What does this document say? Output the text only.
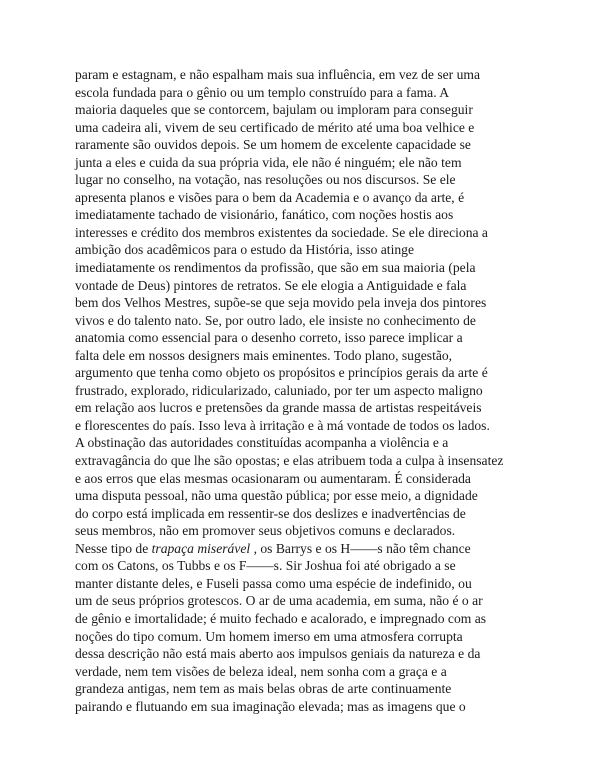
param e estagnam, e não espalham mais sua influência, em vez de ser uma
escola fundada para o gênio ou um templo construído para a fama. A
maioria daqueles que se contorcem, bajulam ou imploram para conseguir
uma cadeira ali, vivem de seu certificado de mérito até uma boa velhice e
raramente são ouvidos depois. Se um homem de excelente capacidade se
junta a eles e cuida da sua própria vida, ele não é ninguém; ele não tem
lugar no conselho, na votação, nas resoluções ou nos discursos. Se ele
apresenta planos e visões para o bem da Academia e o avanço da arte, é
imediatamente tachado de visionário, fanático, com noções hostis aos
interesses e crédito dos membros existentes da sociedade. Se ele direciona a
ambição dos acadêmicos para o estudo da História, isso atinge
imediatamente os rendimentos da profissão, que são em sua maioria (pela
vontade de Deus) pintores de retratos. Se ele elogia a Antiguidade e fala
bem dos Velhos Mestres, supõe-se que seja movido pela inveja dos pintores
vivos e do talento nato. Se, por outro lado, ele insiste no conhecimento de
anatomia como essencial para o desenho correto, isso parece implicar a
falta dele em nossos designers mais eminentes. Todo plano, sugestão,
argumento que tenha como objeto os propósitos e princípios gerais da arte é
frustrado, explorado, ridicularizado, caluniado, por ter um aspecto maligno
em relação aos lucros e pretensões da grande massa de artistas respeitáveis
e florescentes do país. Isso leva à irritação e à má vontade de todos os lados.
A obstinação das autoridades constituídas acompanha a violência e a
extravagância do que lhe são opostas; e elas atribuem toda a culpa à insensatez
e aos erros que elas mesmas ocasionaram ou aumentaram. É considerada
uma disputa pessoal, não uma questão pública; por esse meio, a dignidade
do corpo está implicada em ressentir-se dos deslizes e inadvertências de
seus membros, não em promover seus objetivos comuns e declarados.
Nesse tipo de trapaça miserável , os Barrys e os H——s não têm chance
com os Catons, os Tubbs e os F——s. Sir Joshua foi até obrigado a se
manter distante deles, e Fuseli passa como uma espécie de indefinido, ou
um de seus próprios grotescos. O ar de uma academia, em suma, não é o ar
de gênio e imortalidade; é muito fechado e acalorado, e impregnado com as
noções do tipo comum. Um homem imerso em uma atmosfera corrupta
dessa descrição não está mais aberto aos impulsos geniais da natureza e da
verdade, nem tem visões de beleza ideal, nem sonha com a graça e a
grandeza antigas, nem tem as mais belas obras de arte continuamente
pairando e flutuando em sua imaginação elevada; mas as imagens que o
